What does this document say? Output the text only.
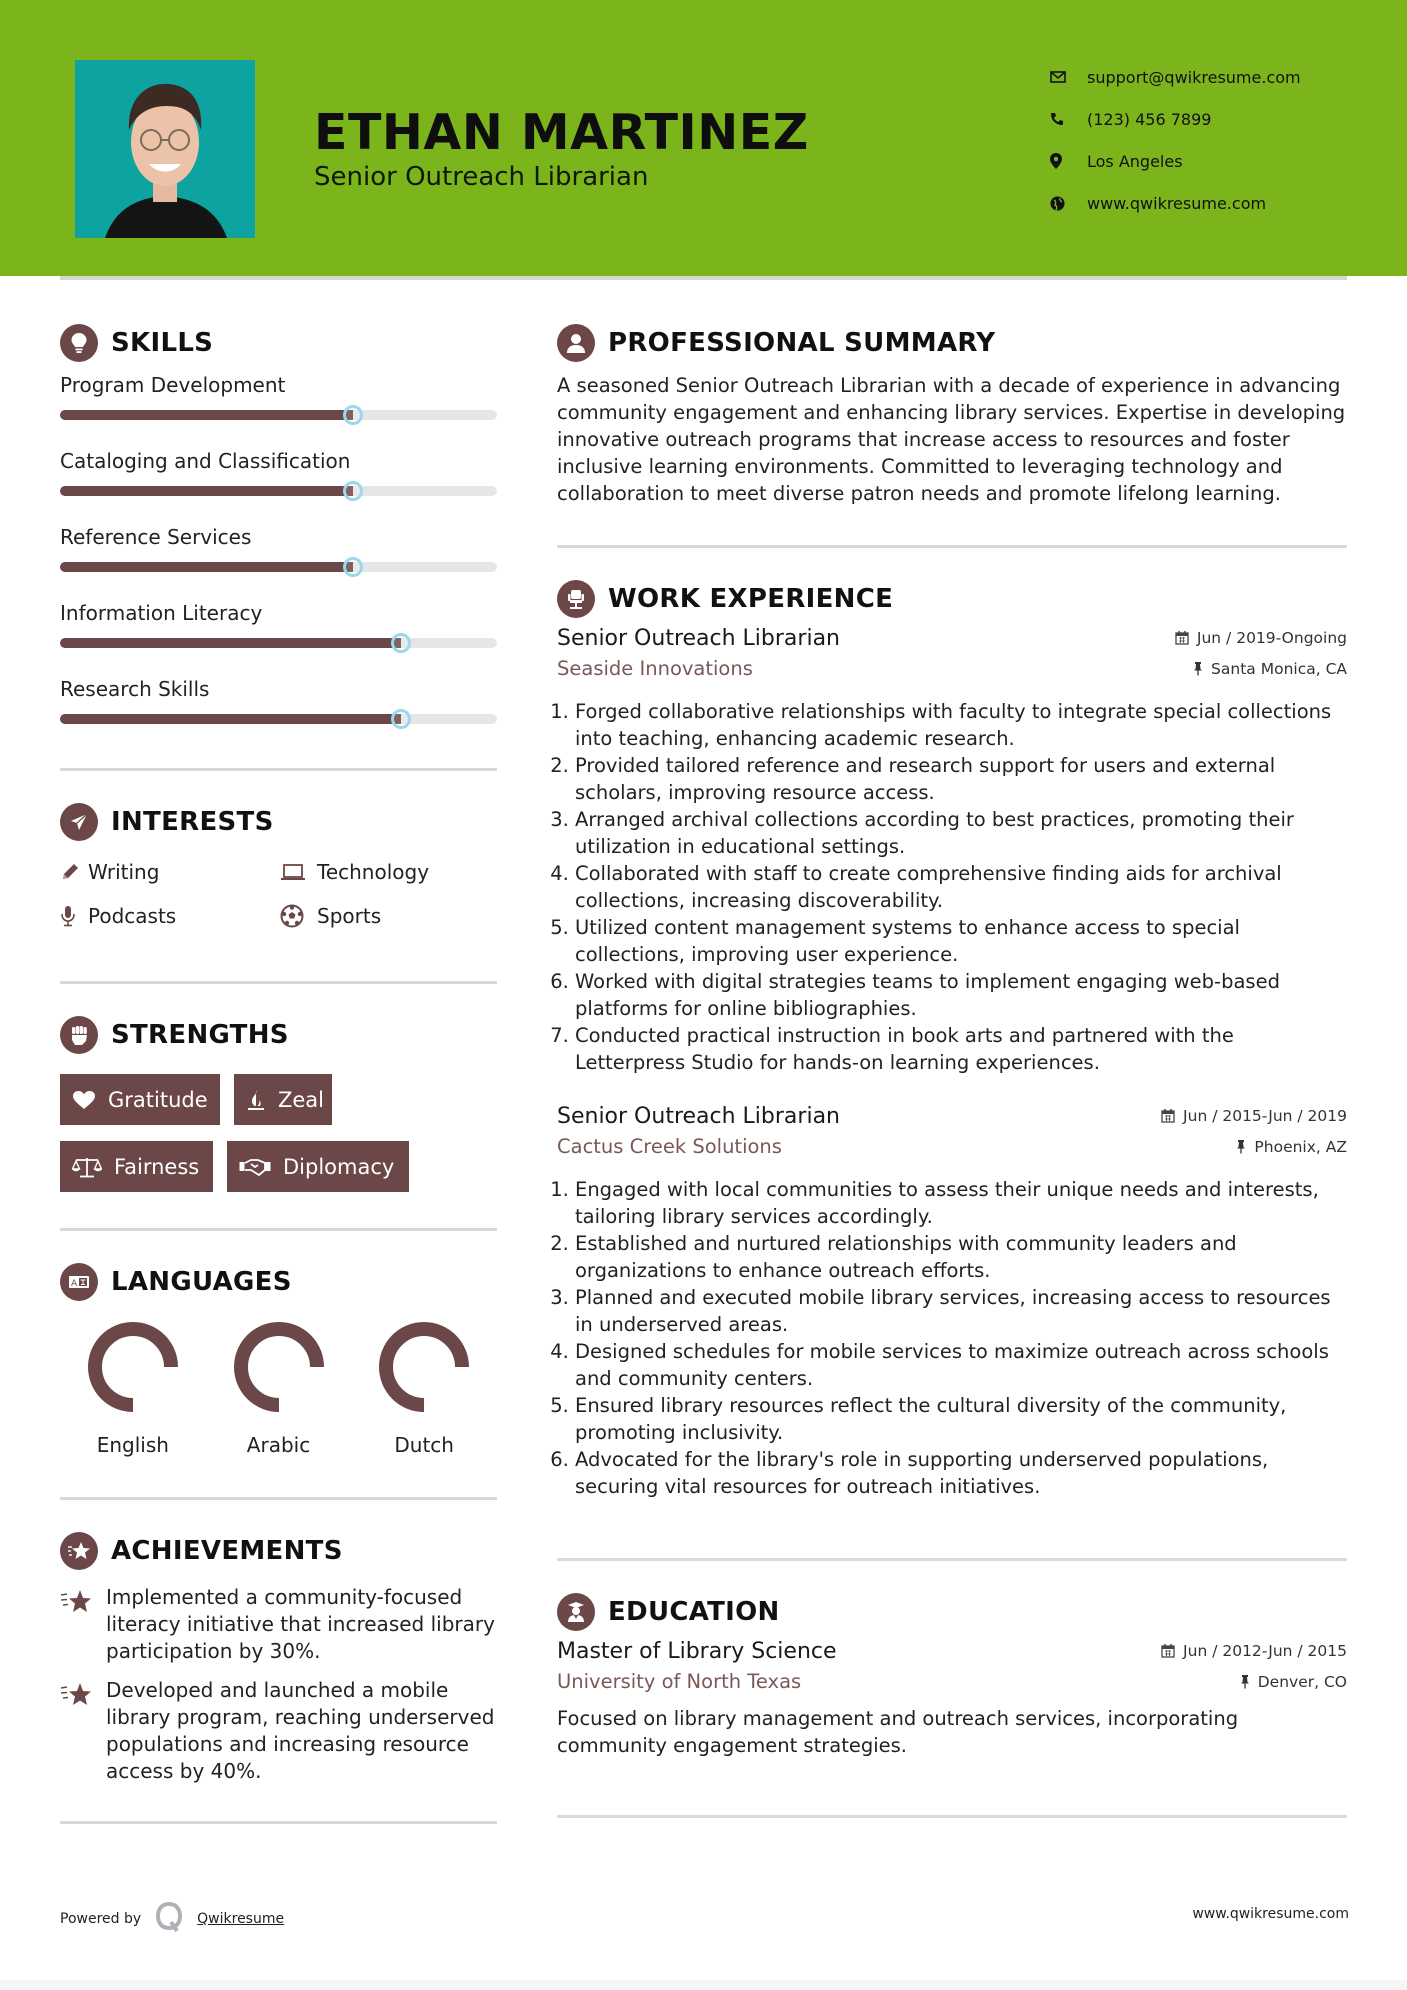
ETHAN MARTINEZ
Senior Outreach Librarian
support@qwikresume.com
(123) 456 7899
Los Angeles
www.qwikresume.com
SKILLS
Program Development
Cataloging and Classification
Reference Services
Information Literacy
Research Skills
INTERESTS
Writing	Technology
Podcasts	Sports
STRENGTHS
Gratitude	Zeal
Fairness	Diplomacy
A LANGUAGES
English	Arabic	Dutch
ACHIEVEMENTS
Implemented a community-focused literacy initiative that increased library participation by 30%.
Developed and launched a mobile library program, reaching underserved populations and increasing resource access by 40%.
PROFESSIONAL SUMMARY

A seasoned Senior Outreach Librarian with a decade of experience in advancing community engagement and enhancing library services. Expertise in developing innovative outreach programs that increase access to resources and foster inclusive learning environments. Committed to leveraging technology and collaboration to meet diverse patron needs and promote lifelong learning.

WORK EXPERIENCE
Senior Outreach Librarian	Jun / 2019-Ongoing
Seaside Innovations	Santa Monica, CA
1. Forged collaborative relationships with faculty to integrate special collections into teaching, enhancing academic research.
2. Provided tailored reference and research support for users and external scholars, improving resource access.
3. Arranged archival collections according to best practices, promoting their utilization in educational settings.
4. Collaborated with staff to create comprehensive finding aids for archival collections, increasing discoverability.
5. Utilized content management systems to enhance access to special collections, improving user experience.
6. Worked with digital strategies teams to implement engaging web-based platforms for online bibliographies.
7. Conducted practical instruction in book arts and partnered with the Letterpress Studio for hands-on learning experiences.
Senior Outreach Librarian	Jun / 2015-Jun / 2019
Cactus Creek Solutions	Phoenix, AZ
1. Engaged with local communities to assess their unique needs and interests, tailoring library services accordingly.
2. Established and nurtured relationships with community leaders and organizations to enhance outreach efforts.
3. Planned and executed mobile library services, increasing access to resources in underserved areas.
4. Designed schedules for mobile services to maximize outreach across schools and community centers.
5. Ensured library resources reflect the cultural diversity of the community, promoting inclusivity.
6. Advocated for the library's role in supporting underserved populations, securing vital resources for outreach initiatives.
EDUCATION
Master of Library Science	Jun / 2012-Jun / 2015
University of North Texas	Denver, CO

Focused on library management and outreach services, incorporating community engagement strategies.

Powered by	Qwikresume	www.qwikresume.com
